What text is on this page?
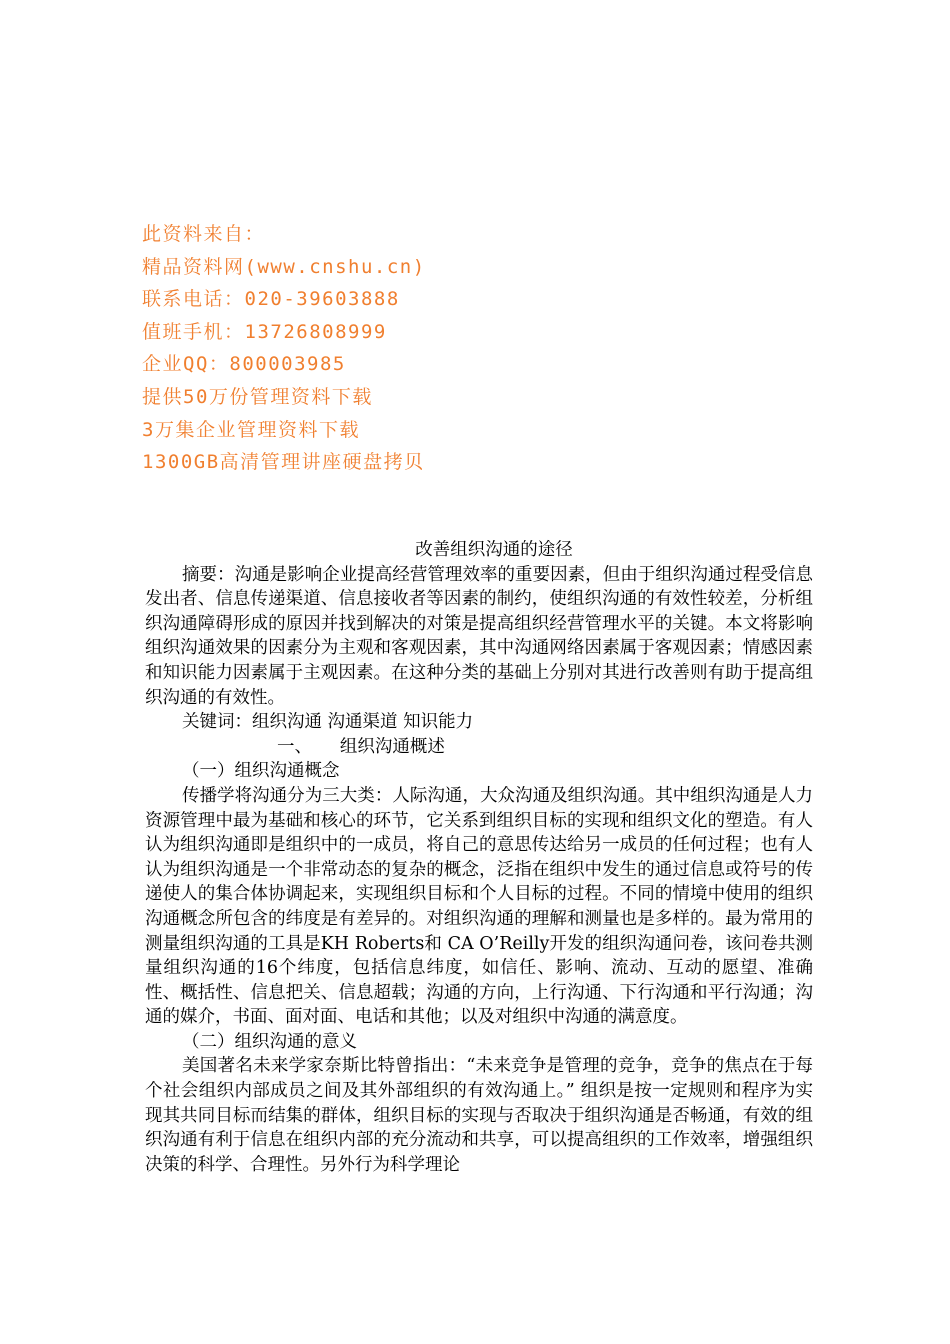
此资料来自：
精品资料网(www.cnshu.cn)
联系电话：020-39603888
值班手机：13726808999
企业QQ：800003985
提供50万份管理资料下载
3万集企业管理资料下载
1300GB高清管理讲座硬盘拷贝
改善组织沟通的途径

摘要：沟通是影响企业提高经营管理效率的重要因素，但由于组织沟通过程受信息发出者、信息传递渠道、信息接收者等因素的制约，使组织沟通的有效性较差，分析组织沟通障碍形成的原因并找到解决的对策是提高组织经营管理水平的关键。本文将影响组织沟通效果的因素分为主观和客观因素，其中沟通网络因素属于客观因素；情感因素和知识能力因素属于主观因素。在这种分类的基础上分别对其进行改善则有助于提高组织沟通的有效性。

关键词：组织沟通 沟通渠道 知识能力

一、     组织沟通概述

（一）组织沟通概念

传播学将沟通分为三大类：人际沟通，大众沟通及组织沟通。其中组织沟通是人力资源管理中最为基础和核心的环节，它关系到组织目标的实现和组织文化的塑造。有人认为组织沟通即是组织中的一成员，将自己的意思传达给另一成员的任何过程；也有人认为组织沟通是一个非常动态的复杂的概念，泛指在组织中发生的通过信息或符号的传递使人的集合体协调起来，实现组织目标和个人目标的过程。不同的情境中使用的组织沟通概念所包含的纬度是有差异的。对组织沟通的理解和测量也是多样的。最为常用的测量组织沟通的工具是KH Roberts和 CA O’Reilly开发的组织沟通问卷，该问卷共测量组织沟通的16个纬度，包括信息纬度，如信任、影响、流动、互动的愿望、准确性、概括性、信息把关、信息超载；沟通的方向，上行沟通、下行沟通和平行沟通；沟通的媒介，书面、面对面、电话和其他；以及对组织中沟通的满意度。

（二）组织沟通的意义

美国著名未来学家奈斯比特曾指出：“未来竞争是管理的竞争，竞争的焦点在于每个社会组织内部成员之间及其外部组织的有效沟通上。” 组织是按一定规则和程序为实现其共同目标而结集的群体，组织目标的实现与否取决于组织沟通是否畅通，有效的组织沟通有利于信息在组织内部的充分流动和共享，可以提高组织的工作效率，增强组织决策的科学、合理性。另外行为科学理论
